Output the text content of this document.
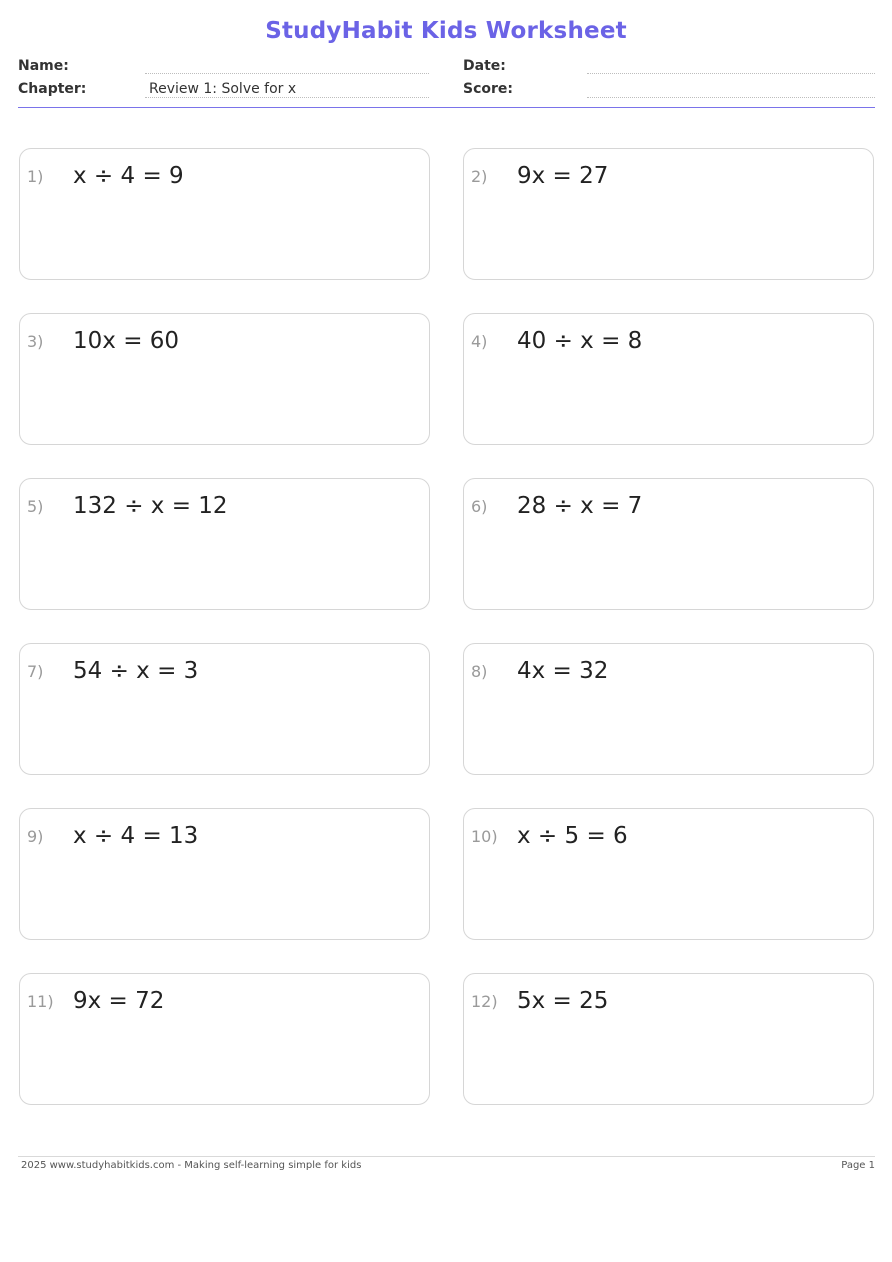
StudyHabit Kids Worksheet
Name:
Chapter:	Review 1: Solve for x
Date:
Score:
1) x ÷ 4 = 9	2) 9x = 27
3) 10x = 60	4) 40 ÷ x = 8
5) 132 ÷ x = 12	6) 28 ÷ x = 7
7) 54 ÷ x = 3	8) 4x = 32
9) x ÷ 4 = 13	10) x ÷ 5 = 6
11) 9x = 72	12) 5x = 25
2025 www.studyhabitkids.com - Making self-learning simple for kids	Page 1
